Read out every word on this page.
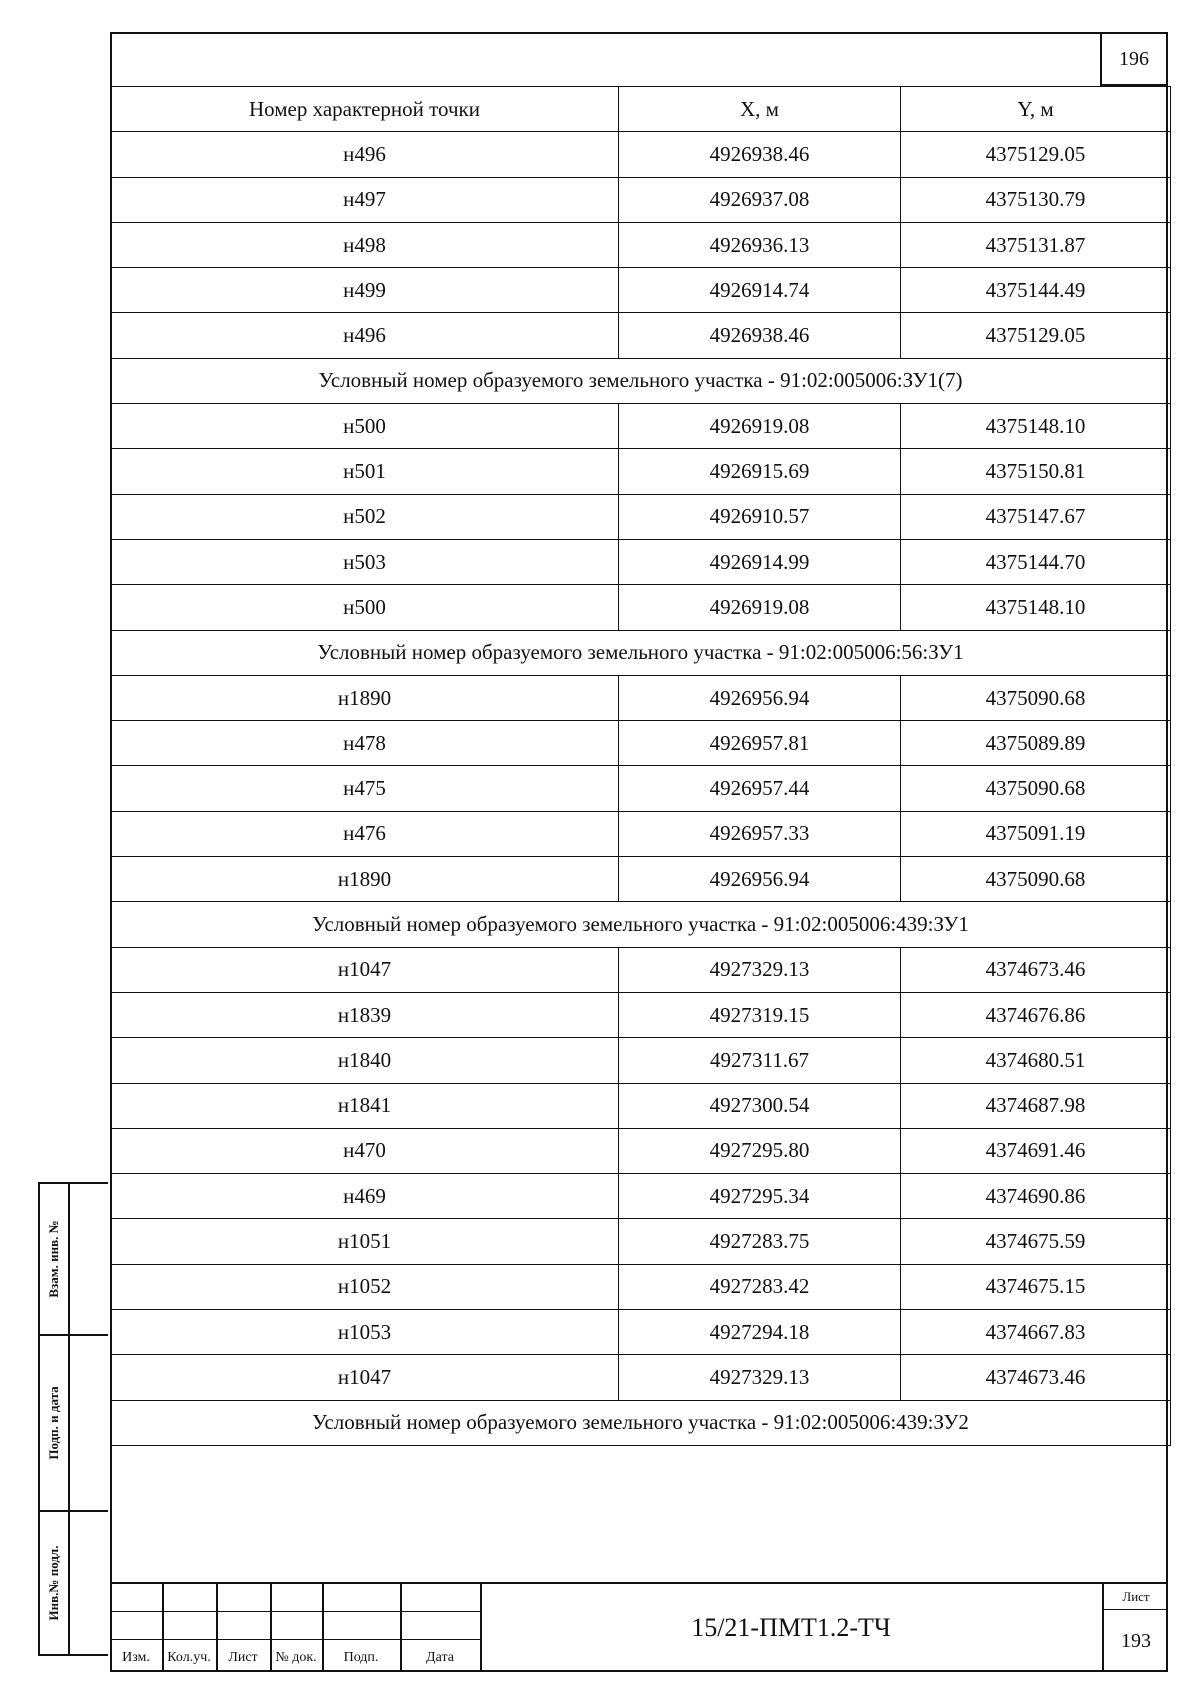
196
Номер характерной точки	X, м	Y, м
н496	4926938.46	4375129.05
н497	4926937.08	4375130.79
н498	4926936.13	4375131.87
н499	4926914.74	4375144.49
н496	4926938.46	4375129.05
Условный номер образуемого земельного участка - 91:02:005006:ЗУ1(7)		
н500	4926919.08	4375148.10
н501	4926915.69	4375150.81
н502	4926910.57	4375147.67
н503	4926914.99	4375144.70
н500	4926919.08	4375148.10
Условный номер образуемого земельного участка - 91:02:005006:56:ЗУ1		
н1890	4926956.94	4375090.68
н478	4926957.81	4375089.89
н475	4926957.44	4375090.68
н476	4926957.33	4375091.19
н1890	4926956.94	4375090.68
Условный номер образуемого земельного участка - 91:02:005006:439:ЗУ1		
н1047	4927329.13	4374673.46
н1839	4927319.15	4374676.86
н1840	4927311.67	4374680.51
н1841	4927300.54	4374687.98
н470	4927295.80	4374691.46
н469	4927295.34	4374690.86
н1051	4927283.75	4374675.59
н1052	4927283.42	4374675.15
н1053	4927294.18	4374667.83
н1047	4927329.13	4374673.46
Условный номер образуемого земельного участка - 91:02:005006:439:ЗУ2		
Взам. инв. №
Подп. и дата
Инв.№ подл.
Изм.	Кол.уч.	Лист	№ док.	Подп.	Дата
15/21-ПМТ1.2-ТЧ
Лист
193
